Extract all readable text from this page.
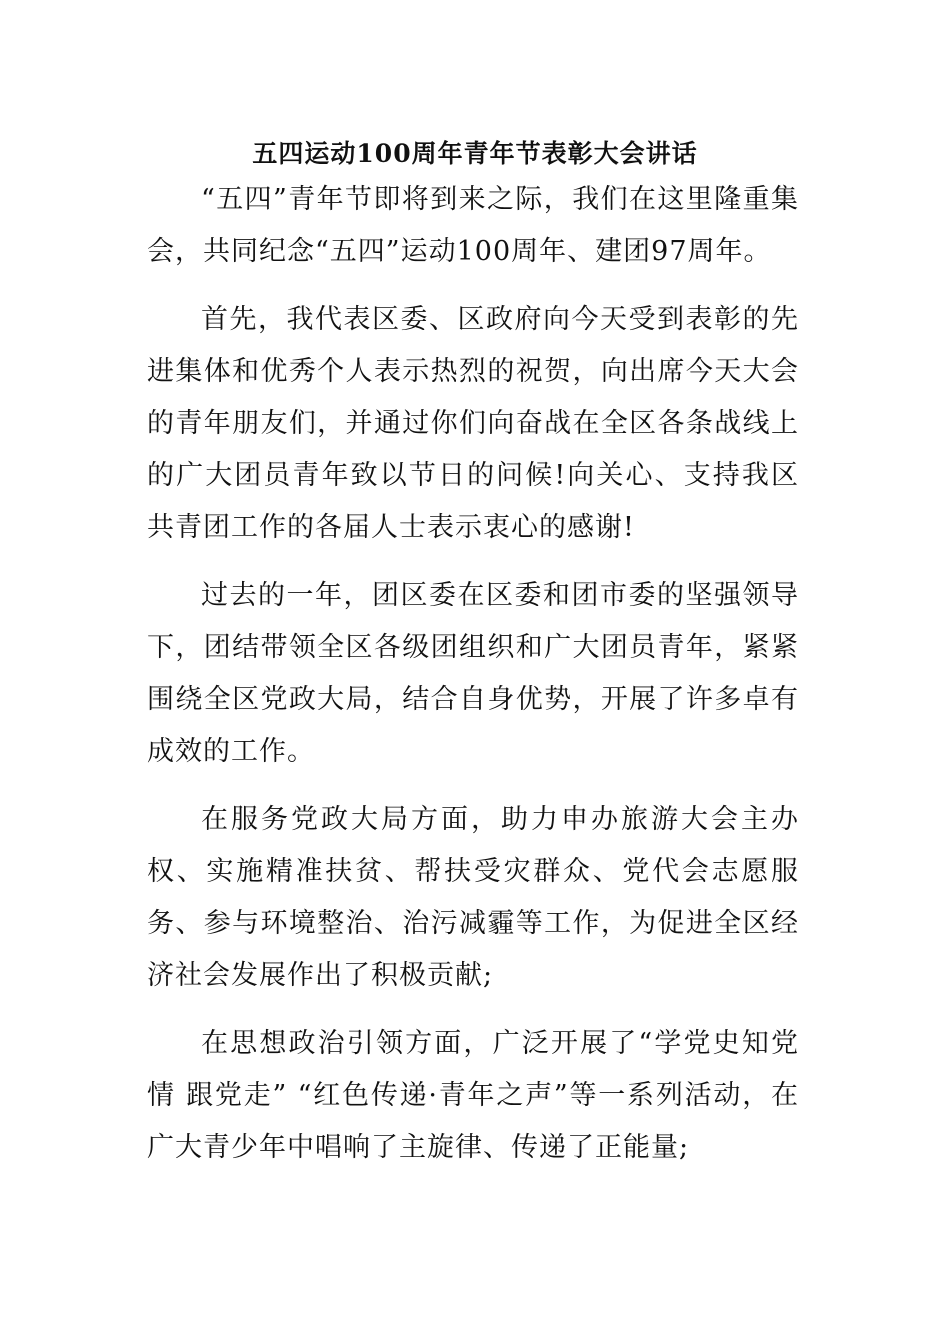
五四运动100周年青年节表彰大会讲话

“五四”青年节即将到来之际，我们在这里隆重集会，共同纪念“五四”运动100周年、建团97周年。

首先，我代表区委、区政府向今天受到表彰的先进集体和优秀个人表示热烈的祝贺，向出席今天大会的青年朋友们，并通过你们向奋战在全区各条战线上的广大团员青年致以节日的问候!向关心、支持我区共青团工作的各届人士表示衷心的感谢!

过去的一年，团区委在区委和团市委的坚强领导下，团结带领全区各级团组织和广大团员青年，紧紧围绕全区党政大局，结合自身优势，开展了许多卓有成效的工作。

在服务党政大局方面，助力申办旅游大会主办权、实施精准扶贫、帮扶受灾群众、党代会志愿服务、参与环境整治、治污减霾等工作，为促进全区经济社会发展作出了积极贡献;

在思想政治引领方面，广泛开展了“学党史知党情 跟党走” “红色传递·青年之声”等一系列活动，在广大青少年中唱响了主旋律、传递了正能量;
